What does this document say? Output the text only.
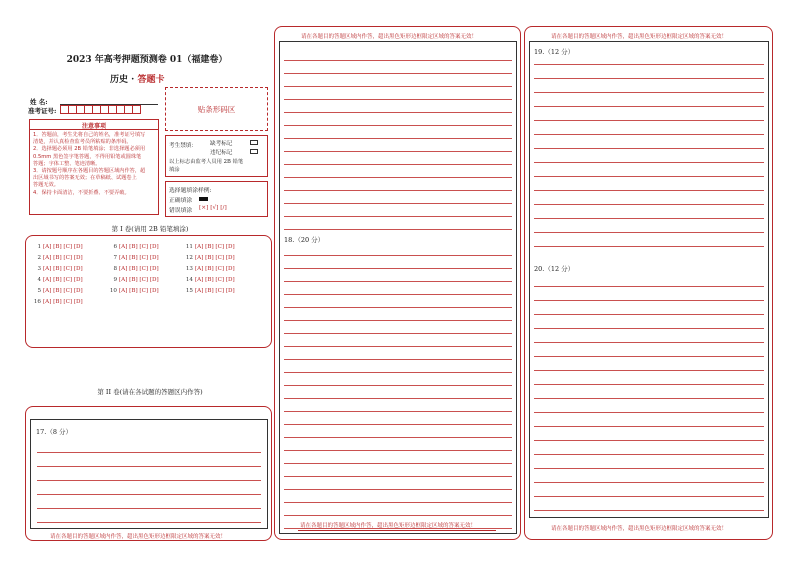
2023 年高考押题预测卷 01（福建卷）
历史 · 答题卡
姓 名:
准考证号:	贴条形码区
注意事项
1．答题前，考生先将自己的姓名，准考证号填写
清楚，并认真检查监考员所粘贴的条形码。
2．选择题必须用 2B 铅笔填涂；非选择题必须用
0.5mm 黑色签字笔答题，不得用铅笔或圆珠笔
答题；字体工整、笔迹清晰。
3．请按题号顺序在各题目的答题区域内作答，超
出区域书写的答案无效；在草稿纸、试题卷上
答题无效。
4．保持卡面清洁，不要折叠、不要弄破。
考生禁填： 缺考标记
违纪标记
以上标志由监考人员用 2B 铅笔
填涂
选择题填涂样例:
正确填涂
错误填涂 [×] [√] [/]
第 I 卷(请用 2B 铅笔填涂)
1 [A] [B] [C] [D]
2 [A] [B] [C] [D]
3 [A] [B] [C] [D]
4 [A] [B] [C] [D]
5 [A] [B] [C] [D]
16 [A] [B] [C] [D]
6 [A] [B] [C] [D]
7 [A] [B] [C] [D]
8 [A] [B] [C] [D]
9 [A] [B] [C] [D]
10 [A] [B] [C] [D]
11 [A] [B] [C] [D]
12 [A] [B] [C] [D]
13 [A] [B] [C] [D]
14 [A] [B] [C] [D]
15 [A] [B] [C] [D]
第 II 卷(请在各试题的答题区内作答)
17.（8 分）
请在各题目的答题区域内作答，超出黑色矩形边框限定区域的答案无效！
请在各题目的答题区域内作答，超出黑色矩形边框限定区域的答案无效！
18.（20 分）
请在各题目的答题区域内作答，超出黑色矩形边框限定区域的答案无效！
请在各题目的答题区域内作答，超出黑色矩形边框限定区域的答案无效！
19.（12 分）
20.（12 分）
请在各题目的答题区域内作答，超出黑色矩形边框限定区域的答案无效！
